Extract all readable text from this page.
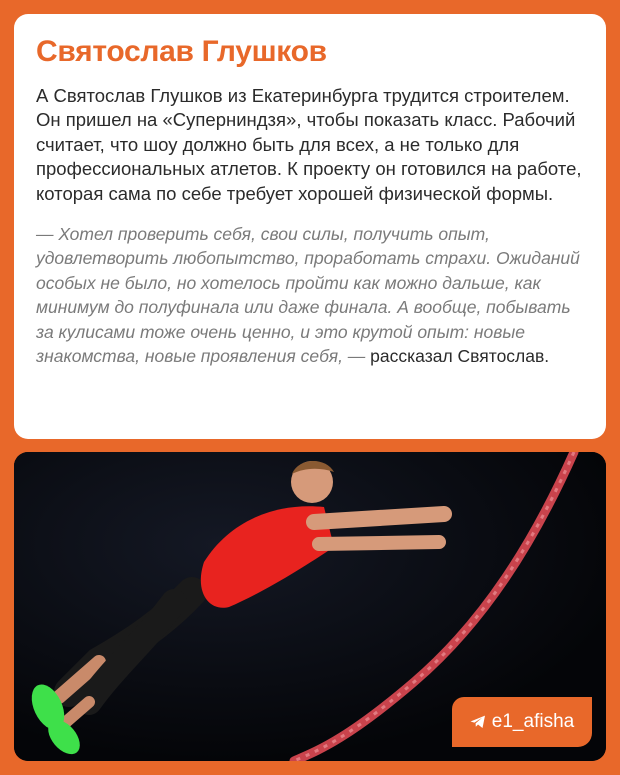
Святослав Глушков

А Святослав Глушков из Екатеринбурга трудится строителем. Он пришел на «Суперниндзя», чтобы показать класс. Рабочий считает, что шоу должно быть для всех, а не только для профессиональных атлетов. К проекту он готовился на работе, которая сама по себе требует хорошей физической формы.

— Хотел проверить себя, свои силы, получить опыт, удовлетворить любопытство, проработать страхи. Ожиданий особых не было, но хотелось пройти как можно дальше, как минимум до полуфинала или даже финала. А вообще, побывать за кулисами тоже очень ценно, и это крутой опыт: новые знакомства, новые проявления себя, — рассказал Святослав.

e1_afisha
